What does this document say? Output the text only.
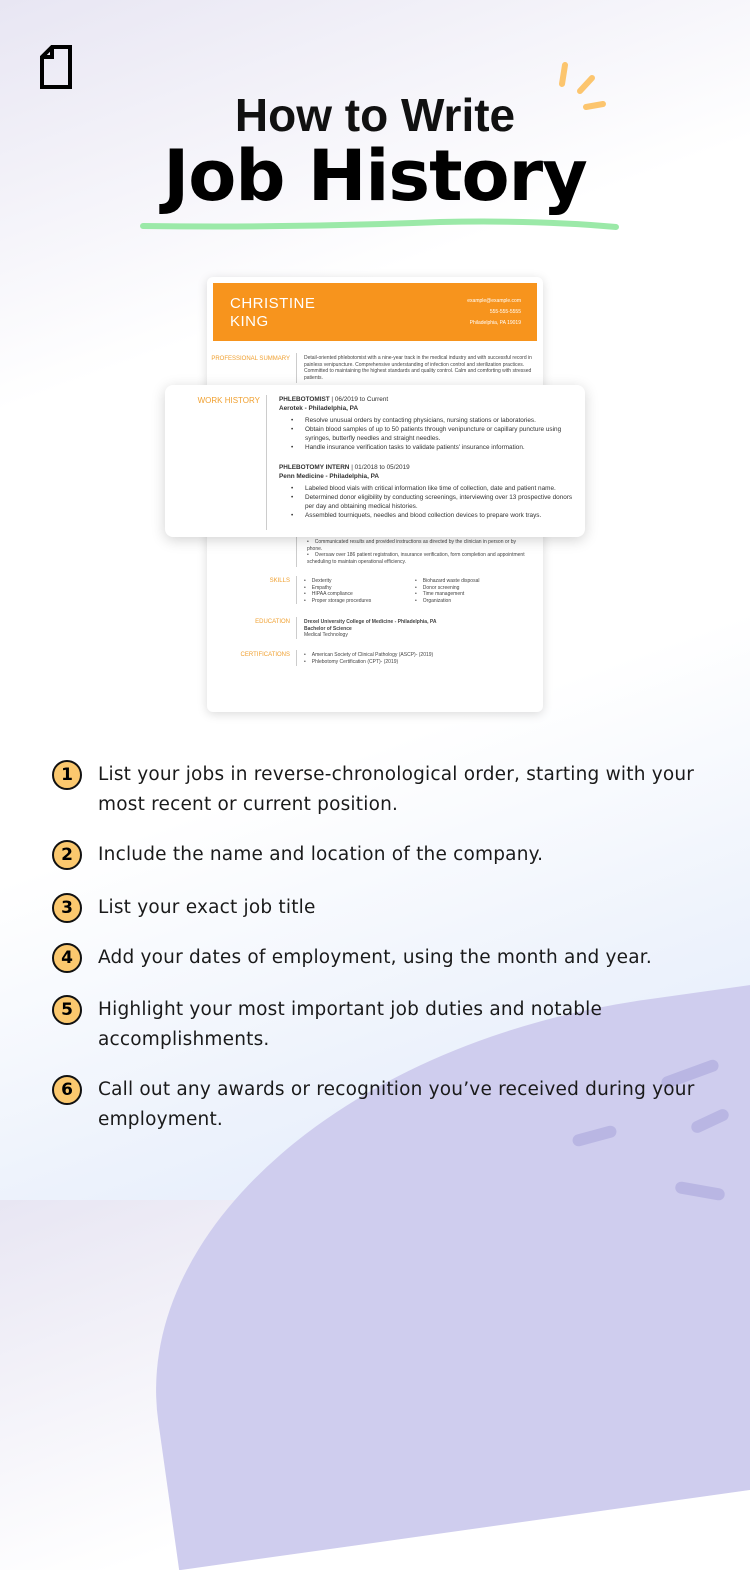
How to Write
Job History
CHRISTINE
KING
example@example.com
555-555-5555
Philadelphia, PA 19019
PROFESSIONAL SUMMARY	Detail-oriented phlebotomist with a nine-year track in the medical industry and with successful record in painless venipuncture. Comprehensive understanding of infection control and sterilization practices. Committed to maintaining the highest standards and quality control. Calm and comforting with stressed patients.
• Communicated results and provided instructions as directed by the clinician in person or by phone.
• Oversaw over 186 patient registration, insurance verification, form completion and appointment scheduling to maintain operational efficiency.
SKILLS	• Dexterity
• Empathy
• HIPAA compliance
• Proper storage procedures
• Biohazard waste disposal
• Donor screening
• Time management
• Organization
EDUCATION	Drexel University College of Medicine - Philadelphia, PA
Bachelor of Science
Medical Technology
CERTIFICATIONS	• American Society of Clinical Pathology (ASCP)- (2019)
• Phlebotomy Certification (CPT)- (2019)
WORK HISTORY	PHLEBOTOMIST | 06/2019 to Current
Aerotek - Philadelphia, PA
• Resolve unusual orders by contacting physicians, nursing stations or laboratories.
• Obtain blood samples of up to 50 patients through venipuncture or capillary puncture using syringes, butterfly needles and straight needles.
• Handle insurance verification tasks to validate patients' insurance information.
PHLEBOTOMY INTERN | 01/2018 to 05/2019
Penn Medicine - Philadelphia, PA
• Labeled blood vials with critical information like time of collection, date and patient name.
• Determined donor eligibility by conducting screenings, interviewing over 13 prospective donors per day and obtaining medical histories.
• Assembled tourniquets, needles and blood collection devices to prepare work trays.
1	List your jobs in reverse-chronological order, starting with your most recent or current position.
2	Include the name and location of the company.
3	List your exact job title
4	Add your dates of employment, using the month and year.
5	Highlight your most important job duties and notable accomplishments.
6	Call out any awards or recognition you’ve received during your employment.
